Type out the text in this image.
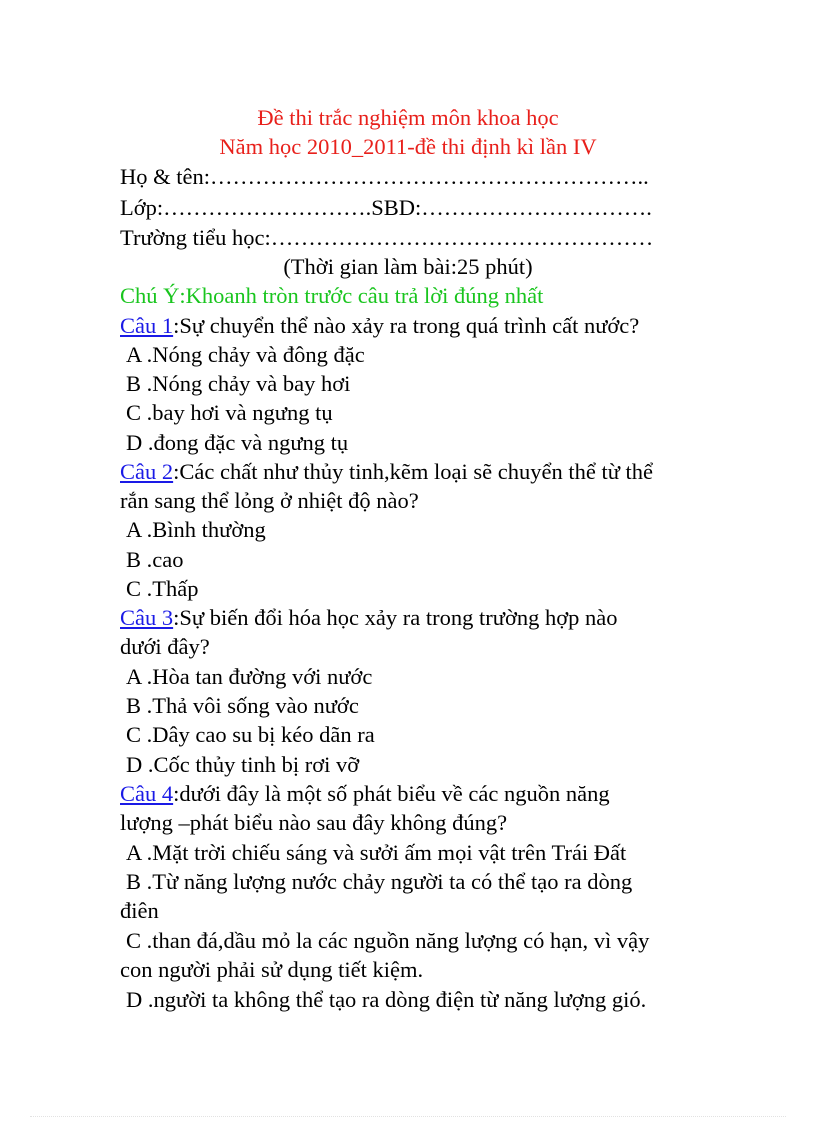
Đề thi trắc nghiệm môn khoa học
Năm học 2010_2011-đề thi định kì lần IV
Họ & tên:…………………………………………………..
Lớp:……………………….SBD:………………………….
Trường tiểu học:……………………………………………
(Thời gian làm bài:25 phút)
Chú Ý:Khoanh tròn trước câu trả lời đúng nhất
Câu 1:Sự chuyển thể nào xảy ra trong quá trình cất nước?
A .Nóng chảy và đông đặc
B .Nóng chảy và bay hơi
C .bay hơi và ngưng tụ
D .đong đặc và ngưng tụ
Câu 2:Các chất như thủy tinh,kẽm loại sẽ chuyển thể từ thể
rắn sang thể lỏng ở nhiệt độ nào?
A .Bình thường
B .cao
C .Thấp
Câu 3:Sự biến đổi hóa học xảy ra trong trường hợp nào
dưới đây?
A .Hòa tan đường với nước
B .Thả vôi sống vào nước
C .Dây cao su bị kéo dãn ra
D .Cốc thủy tinh bị rơi vỡ
Câu 4:dưới đây là một số phát biểu về các nguồn năng
lượng –phát biểu nào sau đây không đúng?
A .Mặt trời chiếu sáng và sưởi ấm mọi vật trên Trái Đất
B .Từ năng lượng nước chảy người ta có thể tạo ra dòng
điên
C .than đá,dầu mỏ la các nguồn năng lượng có hạn, vì vậy
con người phải sử dụng tiết kiệm.
D .người ta không thể tạo ra dòng điện từ năng lượng gió.
